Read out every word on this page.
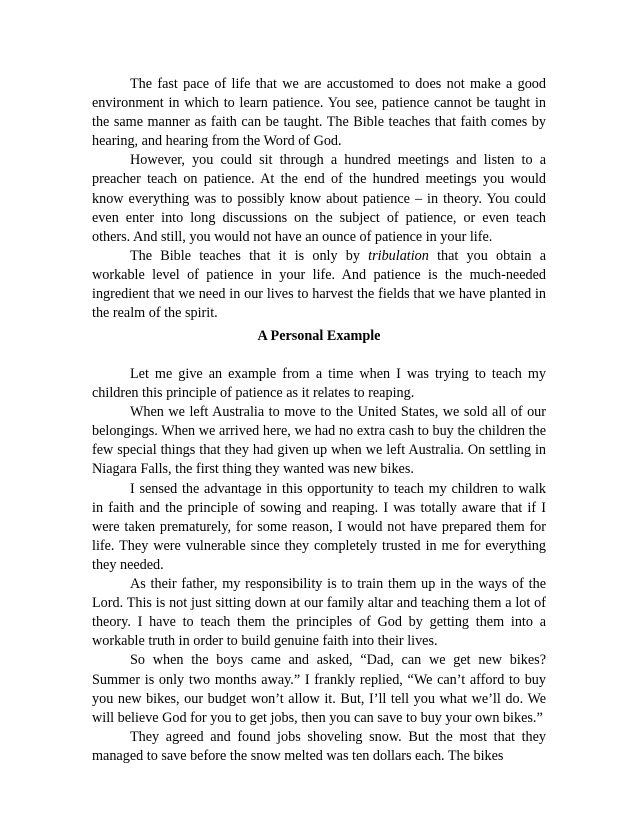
The fast pace of life that we are accustomed to does not make a good environment in which to learn patience. You see, patience cannot be taught in the same manner as faith can be taught. The Bible teaches that faith comes by hearing, and hearing from the Word of God.

However, you could sit through a hundred meetings and listen to a preacher teach on patience. At the end of the hundred meetings you would know everything was to possibly know about patience – in theory. You could even enter into long discussions on the subject of patience, or even teach others. And still, you would not have an ounce of patience in your life.

The Bible teaches that it is only by tribulation that you obtain a workable level of patience in your life. And patience is the much-needed ingredient that we need in our lives to harvest the fields that we have planted in the realm of the spirit.

A Personal Example

Let me give an example from a time when I was trying to teach my children this principle of patience as it relates to reaping.

When we left Australia to move to the United States, we sold all of our belongings. When we arrived here, we had no extra cash to buy the children the few special things that they had given up when we left Australia. On settling in Niagara Falls, the first thing they wanted was new bikes.

I sensed the advantage in this opportunity to teach my children to walk in faith and the principle of sowing and reaping. I was totally aware that if I were taken prematurely, for some reason, I would not have prepared them for life. They were vulnerable since they completely trusted in me for everything they needed.

As their father, my responsibility is to train them up in the ways of the Lord. This is not just sitting down at our family altar and teaching them a lot of theory. I have to teach them the principles of God by getting them into a workable truth in order to build genuine faith into their lives.

So when the boys came and asked, “Dad, can we get new bikes? Summer is only two months away.” I frankly replied, “We can’t afford to buy you new bikes, our budget won’t allow it. But, I’ll tell you what we’ll do. We will believe God for you to get jobs, then you can save to buy your own bikes.”

They agreed and found jobs shoveling snow. But the most that they managed to save before the snow melted was ten dollars each. The bikes
